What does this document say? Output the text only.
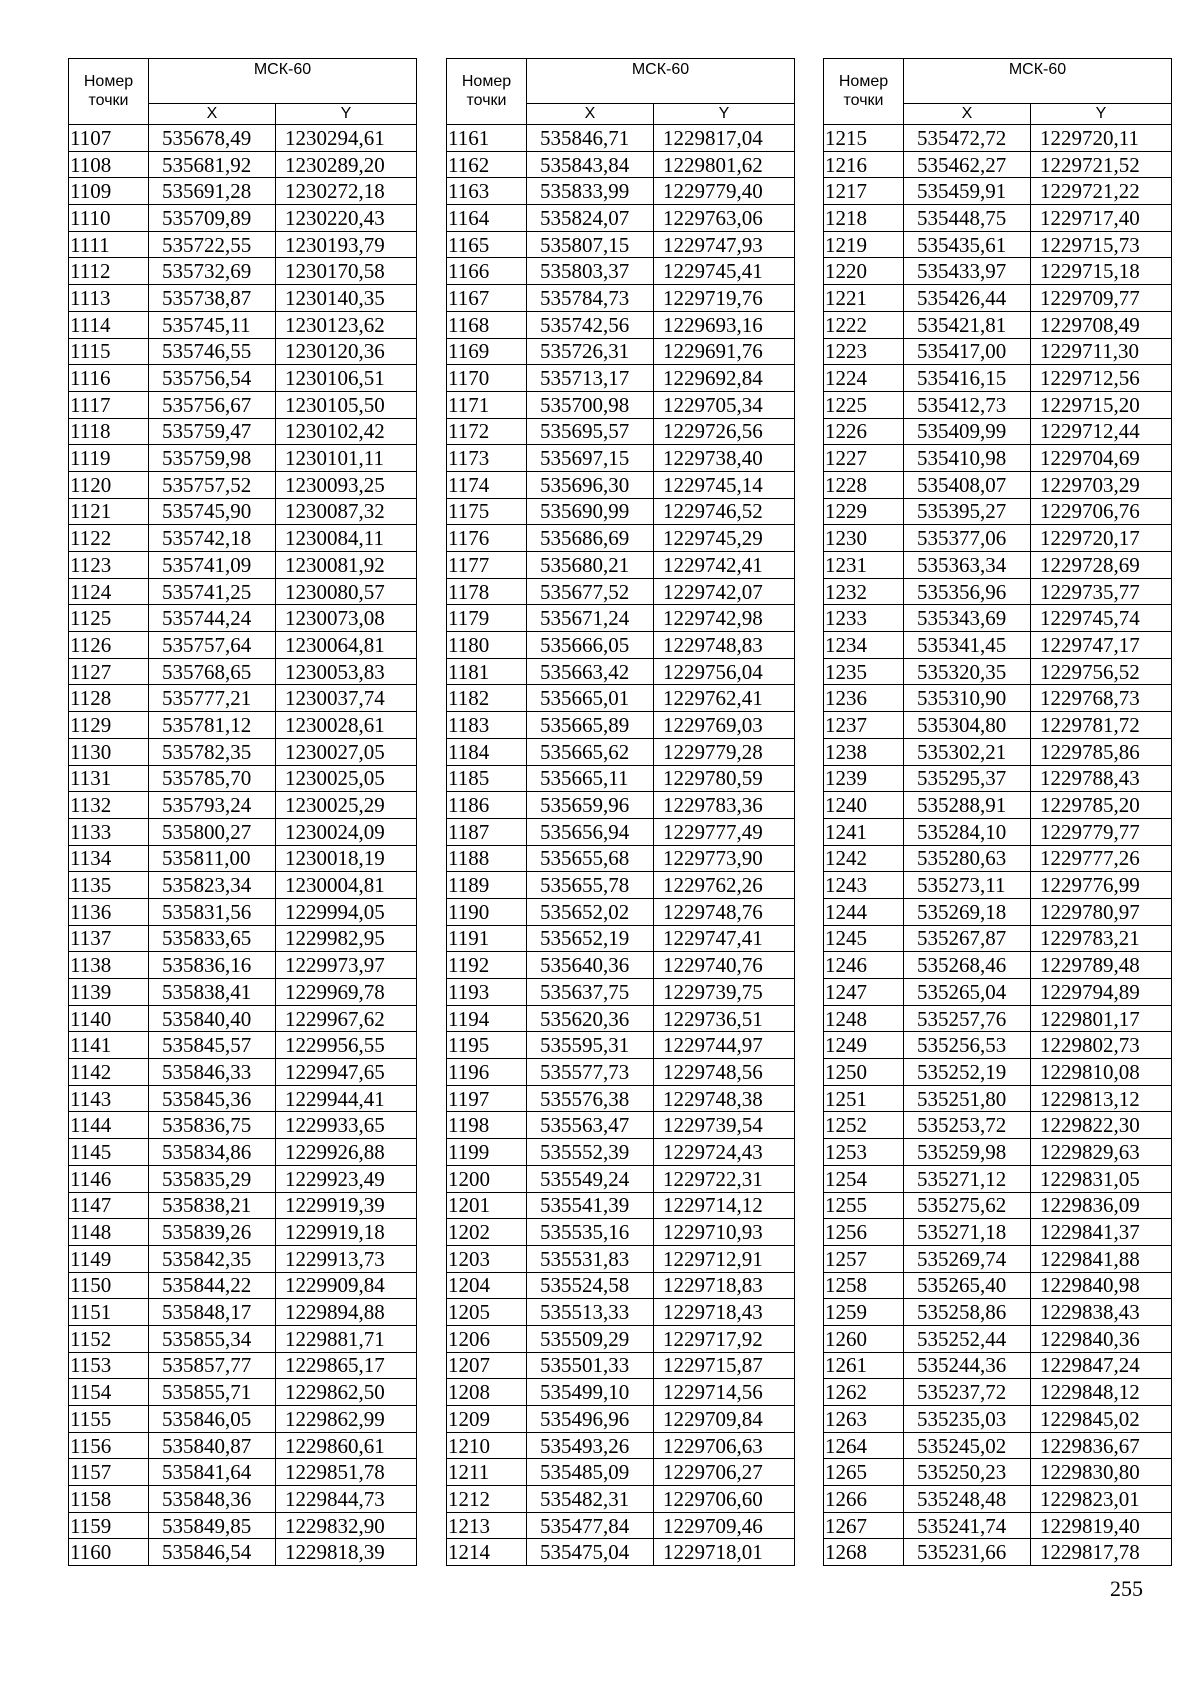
Номер точки	МСК-60	
	X	Y
1107	535678,49	1230294,61
1108	535681,92	1230289,20
1109	535691,28	1230272,18
1110	535709,89	1230220,43
1111	535722,55	1230193,79
1112	535732,69	1230170,58
1113	535738,87	1230140,35
1114	535745,11	1230123,62
1115	535746,55	1230120,36
1116	535756,54	1230106,51
1117	535756,67	1230105,50
1118	535759,47	1230102,42
1119	535759,98	1230101,11
1120	535757,52	1230093,25
1121	535745,90	1230087,32
1122	535742,18	1230084,11
1123	535741,09	1230081,92
1124	535741,25	1230080,57
1125	535744,24	1230073,08
1126	535757,64	1230064,81
1127	535768,65	1230053,83
1128	535777,21	1230037,74
1129	535781,12	1230028,61
1130	535782,35	1230027,05
1131	535785,70	1230025,05
1132	535793,24	1230025,29
1133	535800,27	1230024,09
1134	535811,00	1230018,19
1135	535823,34	1230004,81
1136	535831,56	1229994,05
1137	535833,65	1229982,95
1138	535836,16	1229973,97
1139	535838,41	1229969,78
1140	535840,40	1229967,62
1141	535845,57	1229956,55
1142	535846,33	1229947,65
1143	535845,36	1229944,41
1144	535836,75	1229933,65
1145	535834,86	1229926,88
1146	535835,29	1229923,49
1147	535838,21	1229919,39
1148	535839,26	1229919,18
1149	535842,35	1229913,73
1150	535844,22	1229909,84
1151	535848,17	1229894,88
1152	535855,34	1229881,71
1153	535857,77	1229865,17
1154	535855,71	1229862,50
1155	535846,05	1229862,99
1156	535840,87	1229860,61
1157	535841,64	1229851,78
1158	535848,36	1229844,73
1159	535849,85	1229832,90
1160	535846,54	1229818,39
Номер точки	МСК-60	
	X	Y
1161	535846,71	1229817,04
1162	535843,84	1229801,62
1163	535833,99	1229779,40
1164	535824,07	1229763,06
1165	535807,15	1229747,93
1166	535803,37	1229745,41
1167	535784,73	1229719,76
1168	535742,56	1229693,16
1169	535726,31	1229691,76
1170	535713,17	1229692,84
1171	535700,98	1229705,34
1172	535695,57	1229726,56
1173	535697,15	1229738,40
1174	535696,30	1229745,14
1175	535690,99	1229746,52
1176	535686,69	1229745,29
1177	535680,21	1229742,41
1178	535677,52	1229742,07
1179	535671,24	1229742,98
1180	535666,05	1229748,83
1181	535663,42	1229756,04
1182	535665,01	1229762,41
1183	535665,89	1229769,03
1184	535665,62	1229779,28
1185	535665,11	1229780,59
1186	535659,96	1229783,36
1187	535656,94	1229777,49
1188	535655,68	1229773,90
1189	535655,78	1229762,26
1190	535652,02	1229748,76
1191	535652,19	1229747,41
1192	535640,36	1229740,76
1193	535637,75	1229739,75
1194	535620,36	1229736,51
1195	535595,31	1229744,97
1196	535577,73	1229748,56
1197	535576,38	1229748,38
1198	535563,47	1229739,54
1199	535552,39	1229724,43
1200	535549,24	1229722,31
1201	535541,39	1229714,12
1202	535535,16	1229710,93
1203	535531,83	1229712,91
1204	535524,58	1229718,83
1205	535513,33	1229718,43
1206	535509,29	1229717,92
1207	535501,33	1229715,87
1208	535499,10	1229714,56
1209	535496,96	1229709,84
1210	535493,26	1229706,63
1211	535485,09	1229706,27
1212	535482,31	1229706,60
1213	535477,84	1229709,46
1214	535475,04	1229718,01
Номер точки	МСК-60	
	X	Y
1215	535472,72	1229720,11
1216	535462,27	1229721,52
1217	535459,91	1229721,22
1218	535448,75	1229717,40
1219	535435,61	1229715,73
1220	535433,97	1229715,18
1221	535426,44	1229709,77
1222	535421,81	1229708,49
1223	535417,00	1229711,30
1224	535416,15	1229712,56
1225	535412,73	1229715,20
1226	535409,99	1229712,44
1227	535410,98	1229704,69
1228	535408,07	1229703,29
1229	535395,27	1229706,76
1230	535377,06	1229720,17
1231	535363,34	1229728,69
1232	535356,96	1229735,77
1233	535343,69	1229745,74
1234	535341,45	1229747,17
1235	535320,35	1229756,52
1236	535310,90	1229768,73
1237	535304,80	1229781,72
1238	535302,21	1229785,86
1239	535295,37	1229788,43
1240	535288,91	1229785,20
1241	535284,10	1229779,77
1242	535280,63	1229777,26
1243	535273,11	1229776,99
1244	535269,18	1229780,97
1245	535267,87	1229783,21
1246	535268,46	1229789,48
1247	535265,04	1229794,89
1248	535257,76	1229801,17
1249	535256,53	1229802,73
1250	535252,19	1229810,08
1251	535251,80	1229813,12
1252	535253,72	1229822,30
1253	535259,98	1229829,63
1254	535271,12	1229831,05
1255	535275,62	1229836,09
1256	535271,18	1229841,37
1257	535269,74	1229841,88
1258	535265,40	1229840,98
1259	535258,86	1229838,43
1260	535252,44	1229840,36
1261	535244,36	1229847,24
1262	535237,72	1229848,12
1263	535235,03	1229845,02
1264	535245,02	1229836,67
1265	535250,23	1229830,80
1266	535248,48	1229823,01
1267	535241,74	1229819,40
1268	535231,66	1229817,78
255
